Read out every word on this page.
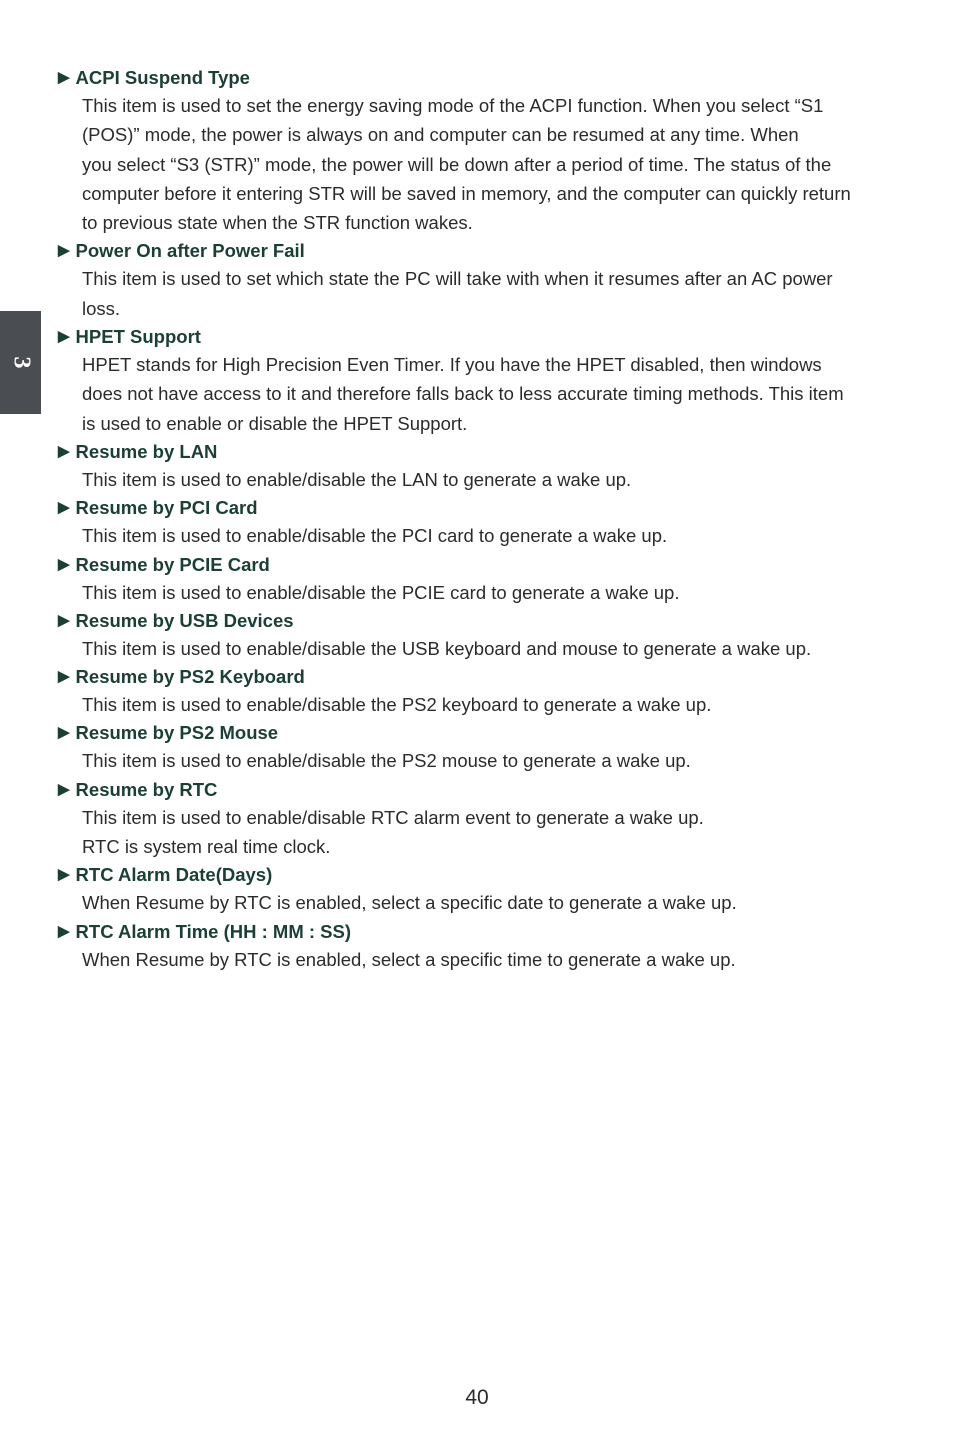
3
▶ ACPI Suspend Type

This item is used to set the energy saving mode of the ACPI function. When you select “S1

(POS)” mode, the power is always on and computer can be resumed at any time. When

you select “S3 (STR)” mode, the power will be down after a period of time. The status of the

computer before it entering STR will be saved in memory, and the computer can quickly return

to previous state when the STR function wakes.

▶ Power On after Power Fail

This item is used to set which state the PC will take with when it resumes after an AC power

loss.

▶ HPET Support

HPET stands for High Precision Even Timer. If you have the HPET disabled, then windows

does not have access to it and therefore falls back to less accurate timing methods. This item

is used to enable or disable the HPET Support.

▶ Resume by LAN

This item is used to enable/disable the LAN to generate a wake up.

▶ Resume by PCI Card

This item is used to enable/disable the PCI card to generate a wake up.

▶ Resume by PCIE Card

This item is used to enable/disable the PCIE card to generate a wake up.

▶ Resume by USB Devices

This item is used to enable/disable the USB keyboard and mouse to generate a wake up.

▶ Resume by PS2 Keyboard

This item is used to enable/disable the PS2 keyboard to generate a wake up.

▶ Resume by PS2 Mouse

This item is used to enable/disable the PS2 mouse to generate a wake up.

▶ Resume by RTC

This item is used to enable/disable RTC alarm event to generate a wake up.

RTC is system real time clock.

▶ RTC Alarm Date(Days)

When Resume by RTC is enabled, select a specific date to generate a wake up.

▶ RTC Alarm Time (HH : MM : SS)

When Resume by RTC is enabled, select a specific time to generate a wake up.

40
